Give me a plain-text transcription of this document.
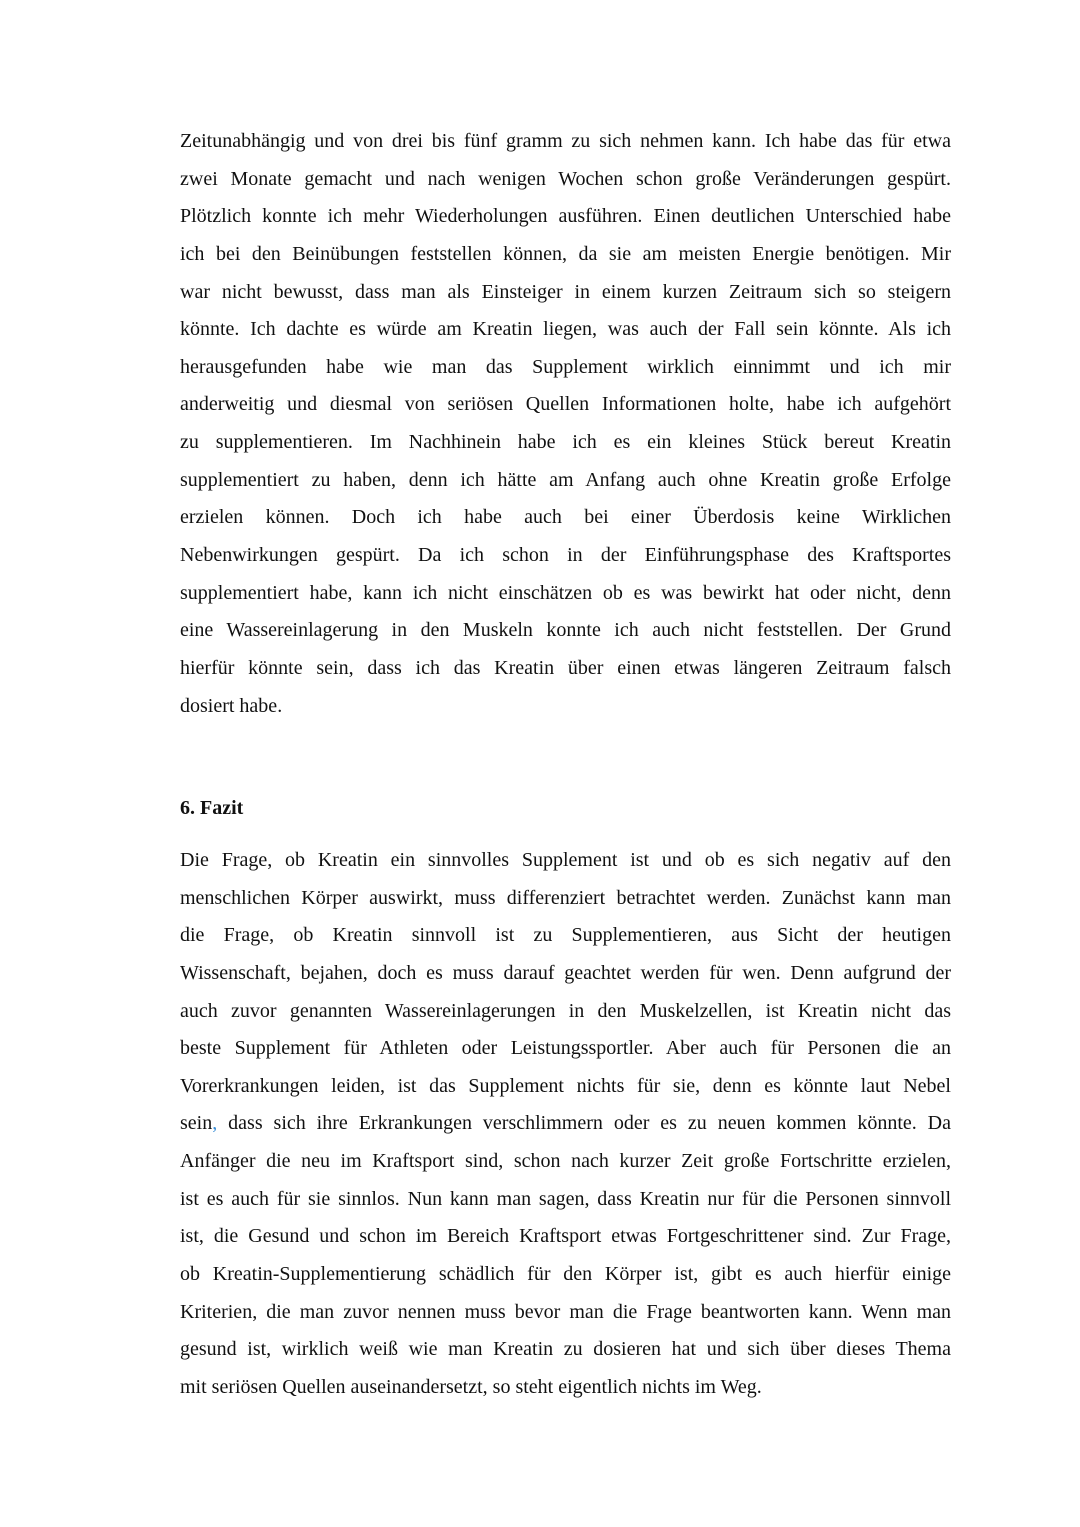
Zeitunabhängig und von drei bis fünf gramm zu sich nehmen kann. Ich habe das für etwa
zwei Monate gemacht und nach wenigen Wochen schon große Veränderungen gespürt.
Plötzlich konnte ich mehr Wiederholungen ausführen. Einen deutlichen Unterschied habe
ich bei den Beinübungen feststellen können, da sie am meisten Energie benötigen. Mir
war nicht bewusst, dass man als Einsteiger in einem kurzen Zeitraum sich so steigern
könnte. Ich dachte es würde am Kreatin liegen, was auch der Fall sein könnte. Als ich
herausgefunden habe wie man das Supplement wirklich einnimmt und ich mir
anderweitig und diesmal von seriösen Quellen Informationen holte, habe ich aufgehört
zu supplementieren. Im Nachhinein habe ich es ein kleines Stück bereut Kreatin
supplementiert zu haben, denn ich hätte am Anfang auch ohne Kreatin große Erfolge
erzielen können. Doch ich habe auch bei einer Überdosis keine Wirklichen
Nebenwirkungen gespürt. Da ich schon in der Einführungsphase des Kraftsportes
supplementiert habe, kann ich nicht einschätzen ob es was bewirkt hat oder nicht, denn
eine Wassereinlagerung in den Muskeln konnte ich auch nicht feststellen. Der Grund
hierfür könnte sein, dass ich das Kreatin über einen etwas längeren Zeitraum falsch
dosiert habe.
6. Fazit
Die Frage, ob Kreatin ein sinnvolles Supplement ist und ob es sich negativ auf den
menschlichen Körper auswirkt, muss differenziert betrachtet werden. Zunächst kann man
die Frage, ob Kreatin sinnvoll ist zu Supplementieren, aus Sicht der heutigen
Wissenschaft, bejahen, doch es muss darauf geachtet werden für wen. Denn aufgrund der
auch zuvor genannten Wassereinlagerungen in den Muskelzellen, ist Kreatin nicht das
beste Supplement für Athleten oder Leistungssportler. Aber auch für Personen die an
Vorerkrankungen leiden, ist das Supplement nichts für sie, denn es könnte laut Nebel
sein, dass sich ihre Erkrankungen verschlimmern oder es zu neuen kommen könnte. Da
Anfänger die neu im Kraftsport sind, schon nach kurzer Zeit große Fortschritte erzielen,
ist es auch für sie sinnlos. Nun kann man sagen, dass Kreatin nur für die Personen sinnvoll
ist, die Gesund und schon im Bereich Kraftsport etwas Fortgeschrittener sind. Zur Frage,
ob Kreatin-Supplementierung schädlich für den Körper ist, gibt es auch hierfür einige
Kriterien, die man zuvor nennen muss bevor man die Frage beantworten kann. Wenn man
gesund ist, wirklich weiß wie man Kreatin zu dosieren hat und sich über dieses Thema
mit seriösen Quellen auseinandersetzt, so steht eigentlich nichts im Weg.
